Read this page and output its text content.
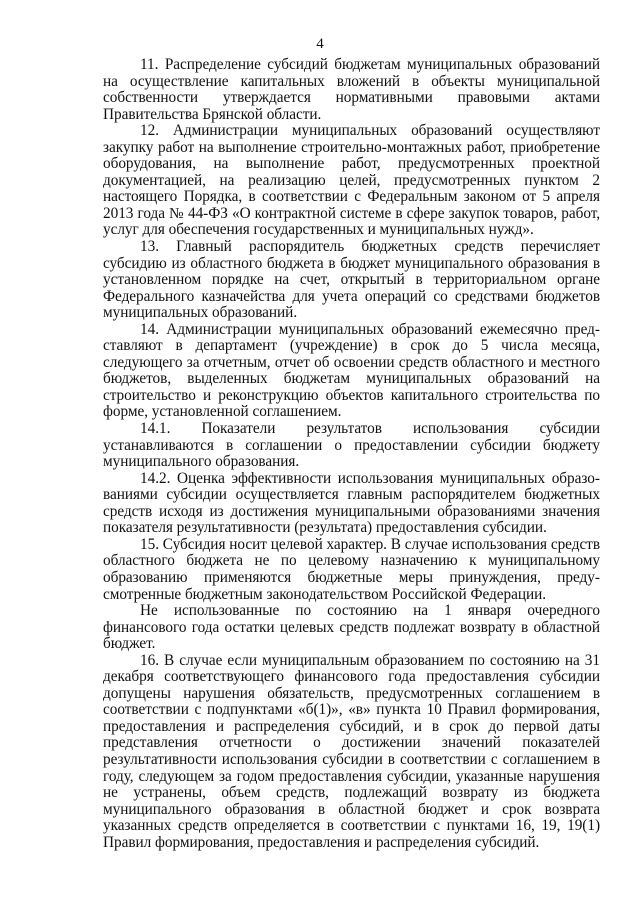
4

11. Распределение субсидий бюджетам муниципальных образований на осуществление капитальных вложений в объекты муниципальной собственности утверждается нормативными правовыми актами Правительства Брянской области.

12. Администрации муниципальных образований осуществляют закупку работ на выполнение строительно-монтажных работ, приобретение оборудования, на выполнение работ, предусмотренных проектной документацией, на реализацию целей, предусмотренных пунктом 2 настоящего Порядка, в соответствии с Федеральным законом от 5 апреля 2013 года № 44-ФЗ «О контрактной системе в сфере закупок товаров, работ, услуг для обеспечения государственных и муниципальных нужд».

13. Главный распорядитель бюджетных средств перечисляет субсидию из областного бюджета в бюджет муниципального образования в установленном порядке на счет, открытый в территориальном органе Федерального казначейства для учета операций со средствами бюджетов муниципальных образований.

14. Администрации муниципальных образований ежемесячно представляют в департамент (учреждение) в срок до 5 числа месяца, следующего за отчетным, отчет об освоении средств областного и местного бюджетов, выделенных бюджетам муниципальных образований на строительство и реконструкцию объектов капитального строительства по форме, установленной соглашением.

14.1. Показатели результатов использования субсидии устанавливаются в соглашении о предоставлении субсидии бюджету муниципального образования.

14.2. Оценка эффективности использования муниципальных образованиями субсидии осуществляется главным распорядителем бюджетных средств исходя из достижения муниципальными образованиями значения показателя результативности (результата) предоставления субсидии.

15. Субсидия носит целевой характер. В случае использования средств областного бюджета не по целевому назначению к муниципальному образованию применяются бюджетные меры принуждения, предусмотренные бюджетным законодательством Российской Федерации.

Не использованные по состоянию на 1 января очередного финансового года остатки целевых средств подлежат возврату в областной бюджет.

16. В случае если муниципальным образованием по состоянию на 31 декабря соответствующего финансового года предоставления субсидии допущены нарушения обязательств, предусмотренных соглашением в соответствии с подпунктами «б(1)», «в» пункта 10 Правил формирования, предоставления и распределения субсидий, и в срок до первой даты представления отчетности о достижении значений показателей результативности использования субсидии в соответствии с соглашением в году, следующем за годом предоставления субсидии, указанные нарушения не устранены, объем средств, подлежащий возврату из бюджета муниципального образования в областной бюджет и срок возврата указанных средств определяется в соответствии с пунктами 16, 19, 19(1) Правил формирования, предоставления и распределения субсидий.
